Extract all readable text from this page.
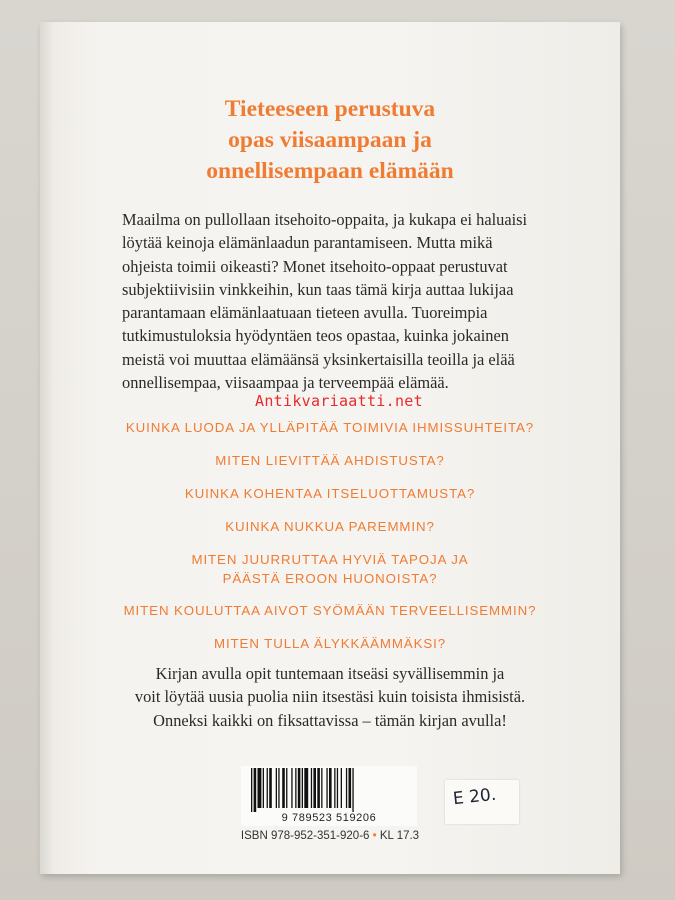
Tieteeseen perustuva
opas viisaampaan ja
onnellisempaan elämään
Maailma on pullollaan itsehoito-oppaita, ja kukapa ei haluaisi
löytää keinoja elämänlaadun parantamiseen. Mutta mikä
ohjeista toimii oikeasti? Monet itsehoito-oppaat perustuvat
subjektiivisiin vinkkeihin, kun taas tämä kirja auttaa lukijaa
parantamaan elämänlaatuaan tieteen avulla. Tuoreimpia
tutkimustuloksia hyödyntäen teos opastaa, kuinka jokainen
meistä voi muuttaa elämäänsä yksinkertaisilla teoilla ja elää
onnellisempaa, viisaampaa ja terveempää elämää.
Antikvariaatti.net
KUINKA LUODA JA YLLÄPITÄÄ TOIMIVIA IHMISSUHTEITA?
MITEN LIEVITTÄÄ AHDISTUSTA?
KUINKA KOHENTAA ITSELUOTTAMUSTA?
KUINKA NUKKUA PAREMMIN?
MITEN JUURRUTTAA HYVIÄ TAPOJA JA
PÄÄSTÄ EROON HUONOISTA?
MITEN KOULUTTAA AIVOT SYÖMÄÄN TERVEELLISEMMIN?
MITEN TULLA ÄLYKKÄÄMMÄKSI?
Kirjan avulla opit tuntemaan itseäsi syvällisemmin ja
voit löytää uusia puolia niin itsestäsi kuin toisista ihmisistä.
Onneksi kaikki on fiksattavissa – tämän kirjan avulla!
9 789523 519206
ISBN 978-952-351-920-6 • KL 17.3
E 20.
